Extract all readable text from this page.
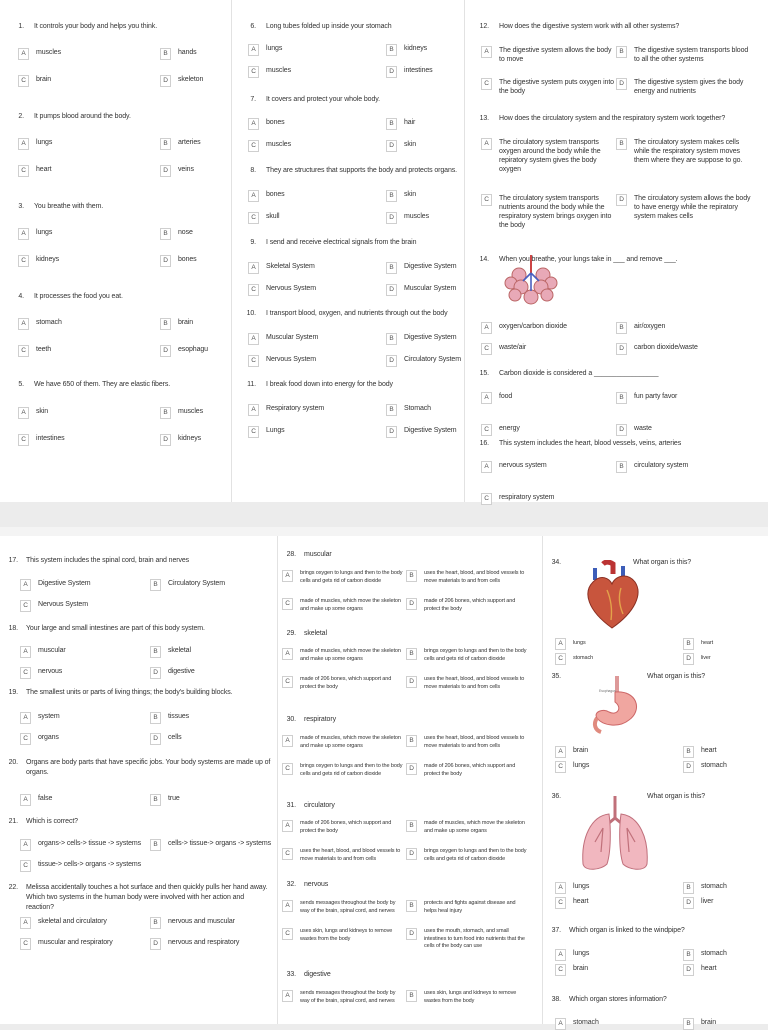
1. It controls your body and helps you think.
A	muscles	B	hands
C	brain	D	skeleton
2. It pumps blood around the body.
A	lungs	B	arteries
C	heart	D	veins
3. You breathe with them.
A	lungs	B	nose
C	kidneys	D	bones
4. It processes the food you eat.
A	stomach	B	brain
C	teeth	D	esophagu
5. We have 650 of them. They are elastic fibers.
A	skin	B	muscles
C	intestines	D	kidneys
6. Long tubes folded up inside your stomach
A	lungs	B	kidneys
C	muscles	D	intestines
7. It covers and protect your whole body.
A	bones	B	hair
C	muscles	D	skin
8. They are structures that supports the body and protects organs.
A	bones	B	skin
C	skull	D	muscles
9. I send and receive electrical signals from the brain
A	Skeletal System	B	Digestive System
C	Nervous System	D	Muscular System
10. I transport blood, oxygen, and nutrients through out the body
A	Muscular System	B	Digestive System
C	Nervous System	D	Circulatory System
11. I break food down into energy for the body
A	Respiratory system	B	Stomach
C	Lungs	D	Digestive System
12. How does the digestive system work with all other systems?
A	The digestive system allows the body to move
B	The digestive system transports blood to all the other systems
C	The digestive system puts oxygen into the body
D	The digestive system gives the body energy and nutrients
13. How does the circulatory system and the respiratory system work together?
A	The circulatory system transports oxygen around the body while the repiratory system gives the body oxygen
B	The circulatory system makes cells while the respiratory system moves them where they are suppose to go.
C	The circulatory system transports nutrients around the body while the respiratory system brings oxygen into the body
D	The circulatory system allows the body to have energy while the repiratory system makes cells
14. When you breathe, your lungs take in ___ and remove ___.
A	oxygen/carbon dioxide	B	air/oxygen
C	waste/air	D	carbon dioxide/waste
15. Carbon dioxide is considered a _________________
A	food	B	fun party favor
C	energy	D	waste
16. This system includes the heart, blood vessels, veins, arteries
A	nervous system	B	circulatory system
C	respiratory system
17. This system includes the spinal cord, brain and nerves
A	Digestive System	B	Circulatory System
C	Nervous System
18. Your large and small intestines are part of this body system.
A	muscular	B	skeletal
C	nervous	D	digestive
19. The smallest units or parts of living things; the body's building blocks.
A	system	B	tissues
C	organs	D	cells
20. Organs are body parts that have specific jobs. Your body systems are made up of organs.
A	false	B	true
21. Which is correct?
A	organs-> cells-> tissue -> systems	B	cells-> tissue-> organs -> systems
C	tissue-> cells-> organs -> systems
22. Melissa accidentally touches a hot surface and then quickly pulls her hand away. Which two systems in the human body were involved with her action and reaction?
A	skeletal and circulatory	B	nervous and muscular
C	muscular and respiratory	D	nervous and respiratory
28. muscular
A	brings oxygen to lungs and then to the body cells and gets rid of carbon dioxide
B	uses the heart, blood, and blood vessels to move materials to and from cells
C	made of muscles, which move the skeleton and make up some organs
D	made of 206 bones, which support and protect the body
29. skeletal
A	made of muscles, which move the skeleton and make up some organs
B	brings oxygen to lungs and then to the body cells and gets rid of carbon dioxide
C	made of 206 bones, which support and protect the body
D	uses the heart, blood, and blood vessels to move materials to and from cells
30. respiratory
A	made of muscles, which move the skeleton and make up some organs
B	uses the heart, blood, and blood vessels to move materials to and from cells
C	brings oxygen to lungs and then to the body cells and gets rid of carbon dioxide
D	made of 206 bones, which support and protect the body
31. circulatory
A	made of 206 bones, which support and protect the body
B	made of muscles, which move the skeleton and make up some organs
C	uses the heart, blood, and blood vessels to move materials to and from cells
D	brings oxygen to lungs and then to the body cells and gets rid of carbon dioxide
32. nervous
A	sends messages throughout the body by way of the brain, spinal cord, and nerves
B	protects and fights against disease and helps heal injury
C	uses skin, lungs and kidneys to remove wastes from the body
D	uses the mouth, stomach, and small intestines to turn food into nutrients that the cells of the body can use
33. digestive
A	sends messages throughout the body by way of the brain, spinal cord, and nerves
B	uses skin, lungs and kidneys to remove wastes from the body
34.	What organ is this?
A	lungs	B	heart
C	stomach	D	liver
35.	What organ is this?
Esophagus
A	brain	B	heart
C	lungs	D	stomach
36.	What organ is this?
A	lungs	B	stomach
C	heart	D	liver
37. Which organ is linked to the windpipe?
A	lungs	B	stomach
C	brain	D	heart
38. Which organ stores information?
A	stomach	B	brain
